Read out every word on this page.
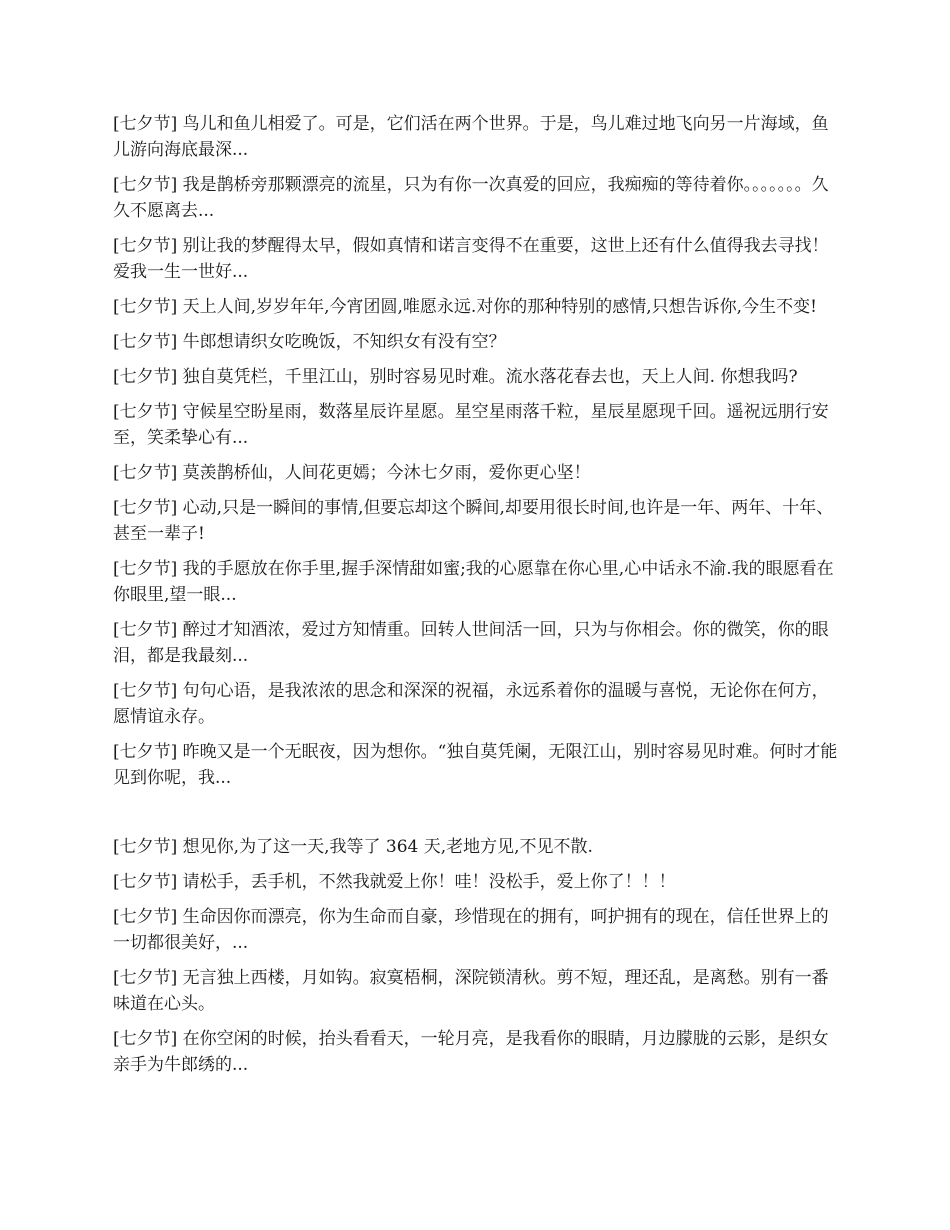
[七夕节] 鸟儿和鱼儿相爱了。可是，它们活在两个世界。于是，鸟儿难过地飞向另一片海域，鱼儿游向海底最深...

[七夕节] 我是鹊桥旁那颗漂亮的流星，只为有你一次真爱的回应，我痴痴的等待着你。。。。。。。久久不愿离去...

[七夕节] 别让我的梦醒得太早，假如真情和诺言变得不在重要，这世上还有什么值得我去寻找！爱我一生一世好...

[七夕节] 天上人间,岁岁年年,今宵团圆,唯愿永远.对你的那种特别的感情,只想告诉你,今生不变!

[七夕节] 牛郎想请织女吃晚饭，不知织女有没有空？

[七夕节] 独自莫凭栏，千里江山，别时容易见时难。流水落花春去也，天上人间. 你想我吗?

[七夕节] 守候星空盼星雨，数落星辰许星愿。星空星雨落千粒，星辰星愿现千回。遥祝远朋行安至，笑柔挚心有...

[七夕节] 莫羡鹊桥仙，人间花更嫣；今沐七夕雨，爱你更心坚！

[七夕节] 心动,只是一瞬间的事情,但要忘却这个瞬间,却要用很长时间,也许是一年、两年、十年、甚至一辈子!

[七夕节] 我的手愿放在你手里,握手深情甜如蜜;我的心愿靠在你心里,心中话永不渝.我的眼愿看在你眼里,望一眼...

[七夕节] 醉过才知酒浓，爱过方知情重。回转人世间活一回，只为与你相会。你的微笑，你的眼泪，都是我最刻...

[七夕节] 句句心语，是我浓浓的思念和深深的祝福，永远系着你的温暖与喜悦，无论你在何方，愿情谊永存。

[七夕节] 昨晚又是一个无眠夜，因为想你。“独自莫凭阑，无限江山，别时容易见时难。何时才能见到你呢，我...

[七夕节] 想见你,为了这一天,我等了 364 天,老地方见,不见不散.

[七夕节] 请松手，丢手机，不然我就爱上你！哇！没松手，爱上你了！！！

[七夕节] 生命因你而漂亮，你为生命而自豪，珍惜现在的拥有，呵护拥有的现在，信任世界上的一切都很美好，...

[七夕节] 无言独上西楼，月如钩。寂寞梧桐，深院锁清秋。剪不短，理还乱，是离愁。别有一番味道在心头。

[七夕节] 在你空闲的时候，抬头看看天，一轮月亮，是我看你的眼睛，月边朦胧的云影，是织女亲手为牛郎绣的...
